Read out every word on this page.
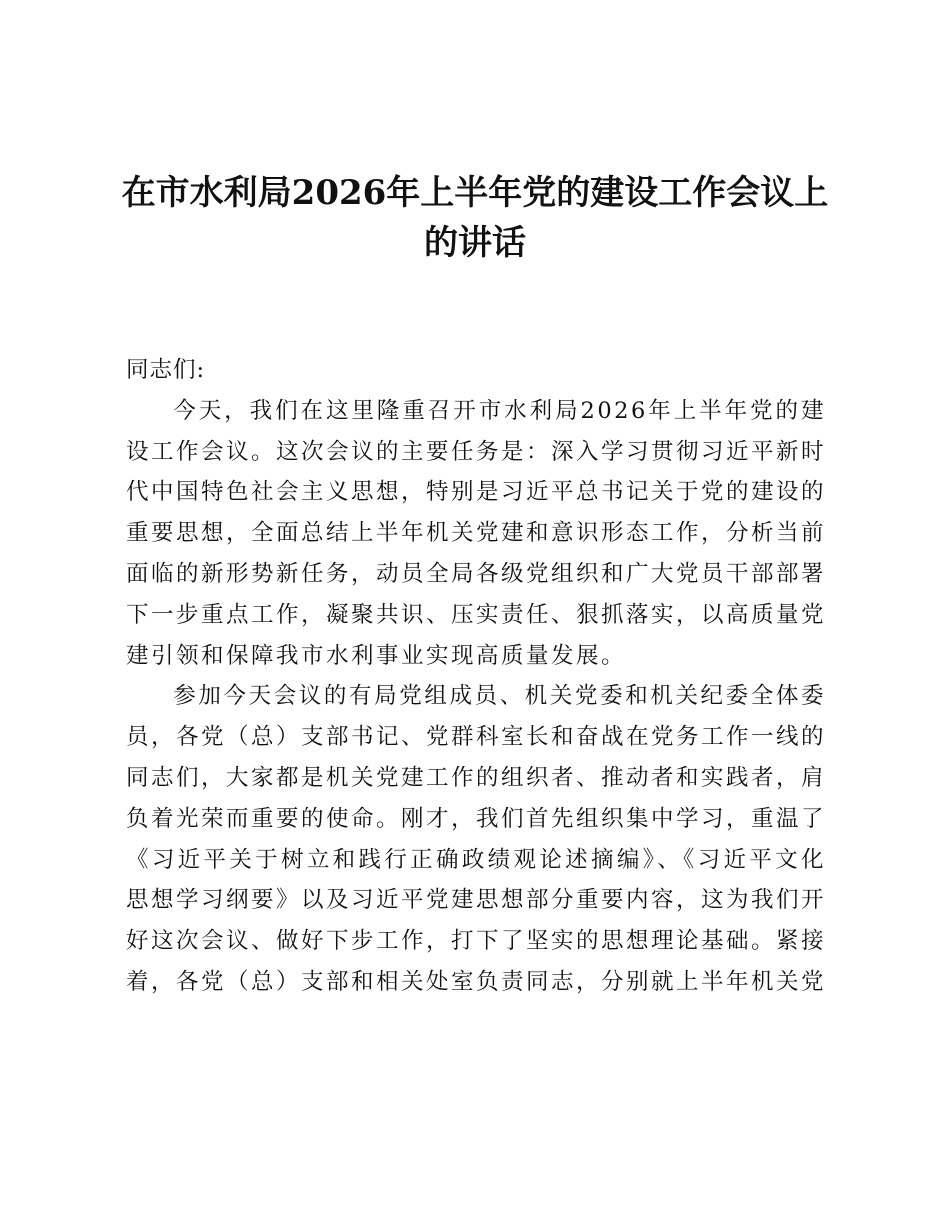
在市水利局2026年上半年党的建设工作会议上
的讲话

同志们:

今天，我们在这里隆重召开市水利局2026年上半年党的建设工作会议。这次会议的主要任务是：深入学习贯彻习近平新时代中国特色社会主义思想，特别是习近平总书记关于党的建设的重要思想，全面总结上半年机关党建和意识形态工作，分析当前面临的新形势新任务，动员全局各级党组织和广大党员干部部署下一步重点工作，凝聚共识、压实责任、狠抓落实，以高质量党建引领和保障我市水利事业实现高质量发展。

参加今天会议的有局党组成员、机关党委和机关纪委全体委员，各党（总）支部书记、党群科室长和奋战在党务工作一线的同志们，大家都是机关党建工作的组织者、推动者和实践者，肩负着光荣而重要的使命。刚才，我们首先组织集中学习，重温了《习近平关于树立和践行正确政绩观论述摘编》、《习近平文化思想学习纲要》以及习近平党建思想部分重要内容，这为我们开好这次会议、做好下步工作，打下了坚实的思想理论基础。紧接着，各党（总）支部和相关处室负责同志，分别就上半年机关党
